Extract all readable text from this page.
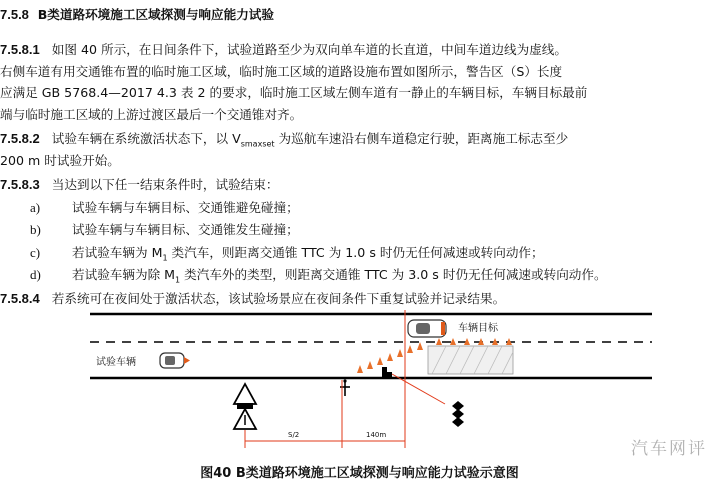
7.5.8 B类道路环境施工区域探测与响应能力试验
7.5.8.1 如图 40 所示，在日间条件下，试验道路至少为双向单车道的长直道，中间车道边线为虚线。
右侧车道有用交通锥布置的临时施工区域，临时施工区域的道路设施布置如图所示，警告区（S）长度
应满足 GB 5768.4—2017 4.3 表 2 的要求，临时施工区域左侧车道有一静止的车辆目标，车辆目标最前
端与临时施工区域的上游过渡区最后一个交通锥对齐。
7.5.8.2 试验车辆在系统激活状态下，以 $V_{smaxset}$ 为巡航车速沿右侧车道稳定行驶，距离施工标志至少
200 m 时试验开始。
7.5.8.3 当达到以下任一结束条件时，试验结束：
a)	试验车辆与车辆目标、交通锥避免碰撞；
b) 试验车辆与车辆目标、交通锥发生碰撞；
c)	若试验车辆为 $M_1$ 类汽车，则距离交通锥 TTC 为 1.0 s 时仍无任何减速或转向动作；
d) 若试验车辆为除 $M_1$ 类汽车外的类型，则距离交通锥 TTC 为 3.0 s 时仍无任何减速或转向动作。
7.5.8.4 若系统可在夜间处于激活状态，该试验场景应在夜间条件下重复试验并记录结果。
车辆目标
试验车辆
S/2	140m
图40 B类道路环境施工区域探测与响应能力试验示意图
汽车网评
